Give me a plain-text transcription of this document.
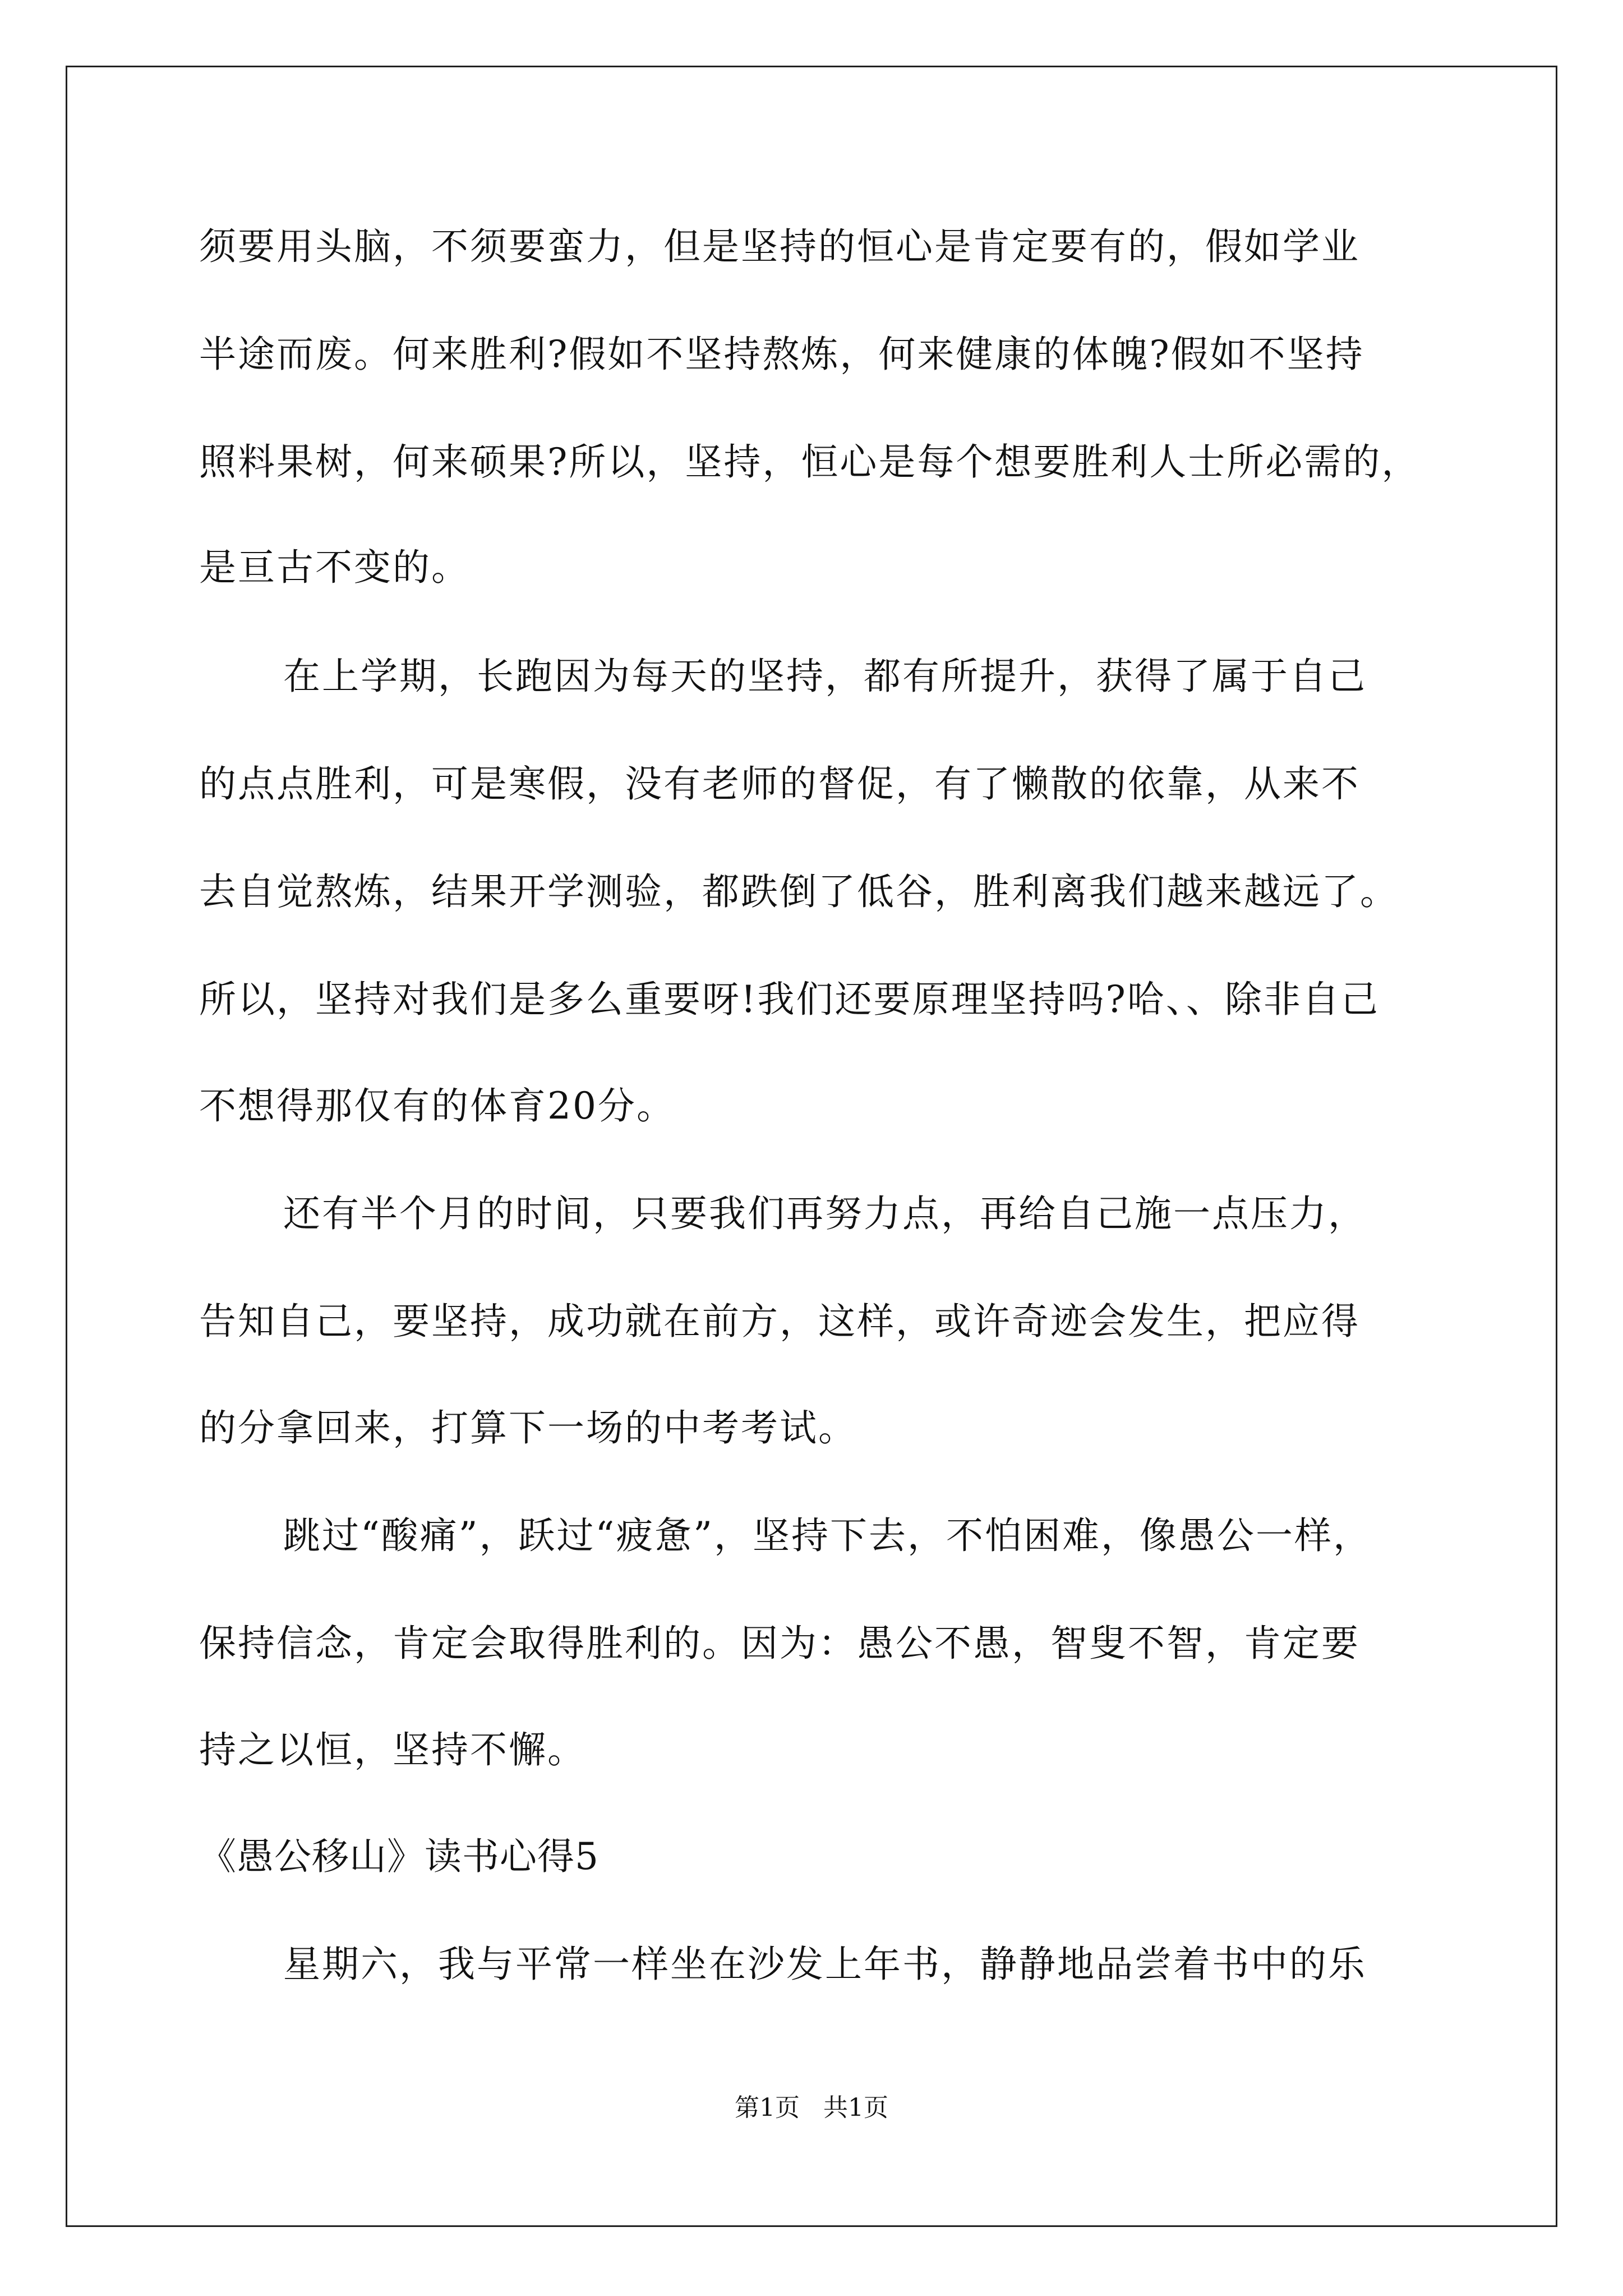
须要用头脑，不须要蛮力，但是坚持的恒心是肯定要有的，假如学业
半途而废。何来胜利?假如不坚持熬炼，何来健康的体魄?假如不坚持
照料果树，何来硕果?所以，坚持，恒心是每个想要胜利人士所必需的，
是亘古不变的。
在上学期，长跑因为每天的坚持，都有所提升，获得了属于自己
的点点胜利，可是寒假，没有老师的督促，有了懒散的依靠，从来不
去自觉熬炼，结果开学测验，都跌倒了低谷，胜利离我们越来越远了。
所以，坚持对我们是多么重要呀!我们还要原理坚持吗?哈、、除非自己
不想得那仅有的体育20分。
还有半个月的时间，只要我们再努力点，再给自己施一点压力，
告知自己，要坚持，成功就在前方，这样，或许奇迹会发生，把应得
的分拿回来，打算下一场的中考考试。
跳过“酸痛”，跃过“疲惫”，坚持下去，不怕困难，像愚公一样，
保持信念，肯定会取得胜利的。因为：愚公不愚，智叟不智，肯定要
持之以恒，坚持不懈。
《愚公移山》读书心得5
星期六，我与平常一样坐在沙发上年书，静静地品尝着书中的乐
第1页 共1页
